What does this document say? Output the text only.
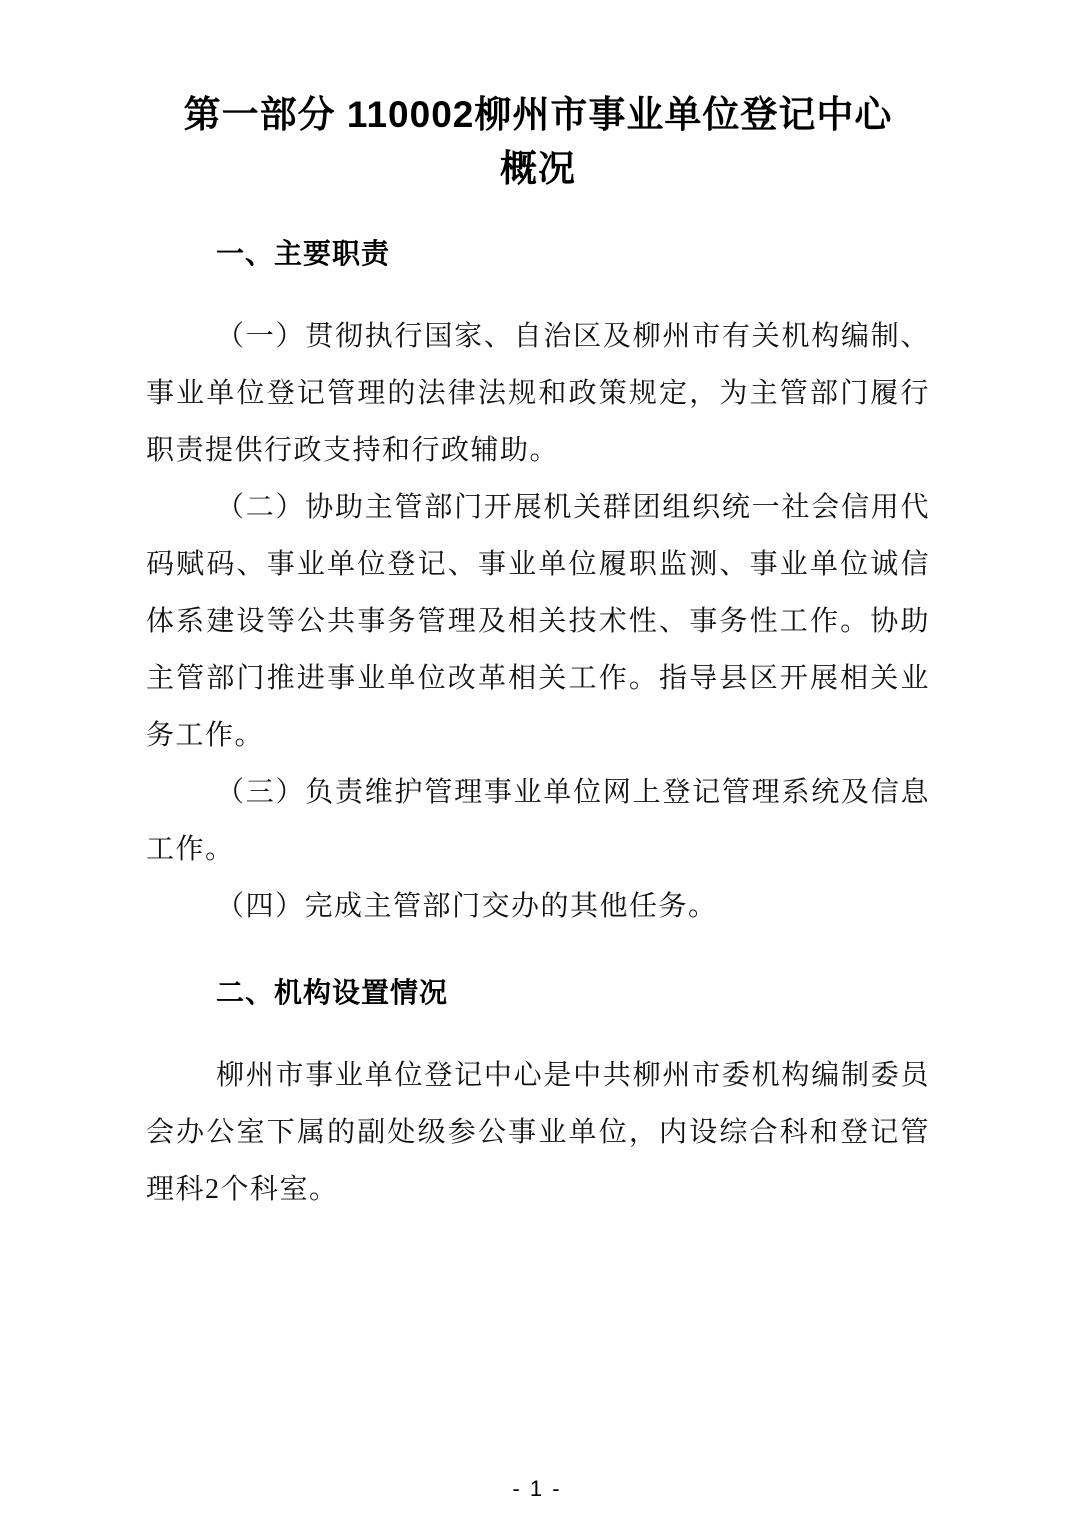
第一部分 110002柳州市事业单位登记中心
概况
一、主要职责

（一）贯彻执行国家、自治区及柳州市有关机构编制、事业单位登记管理的法律法规和政策规定，为主管部门履行职责提供行政支持和行政辅助。

（二）协助主管部门开展机关群团组织统一社会信用代码赋码、事业单位登记、事业单位履职监测、事业单位诚信体系建设等公共事务管理及相关技术性、事务性工作。协助主管部门推进事业单位改革相关工作。指导县区开展相关业务工作。

（三）负责维护管理事业单位网上登记管理系统及信息工作。

（四）完成主管部门交办的其他任务。

二、机构设置情况

柳州市事业单位登记中心是中共柳州市委机构编制委员会办公室下属的副处级参公事业单位，内设综合科和登记管理科2个科室。

- 1 -
